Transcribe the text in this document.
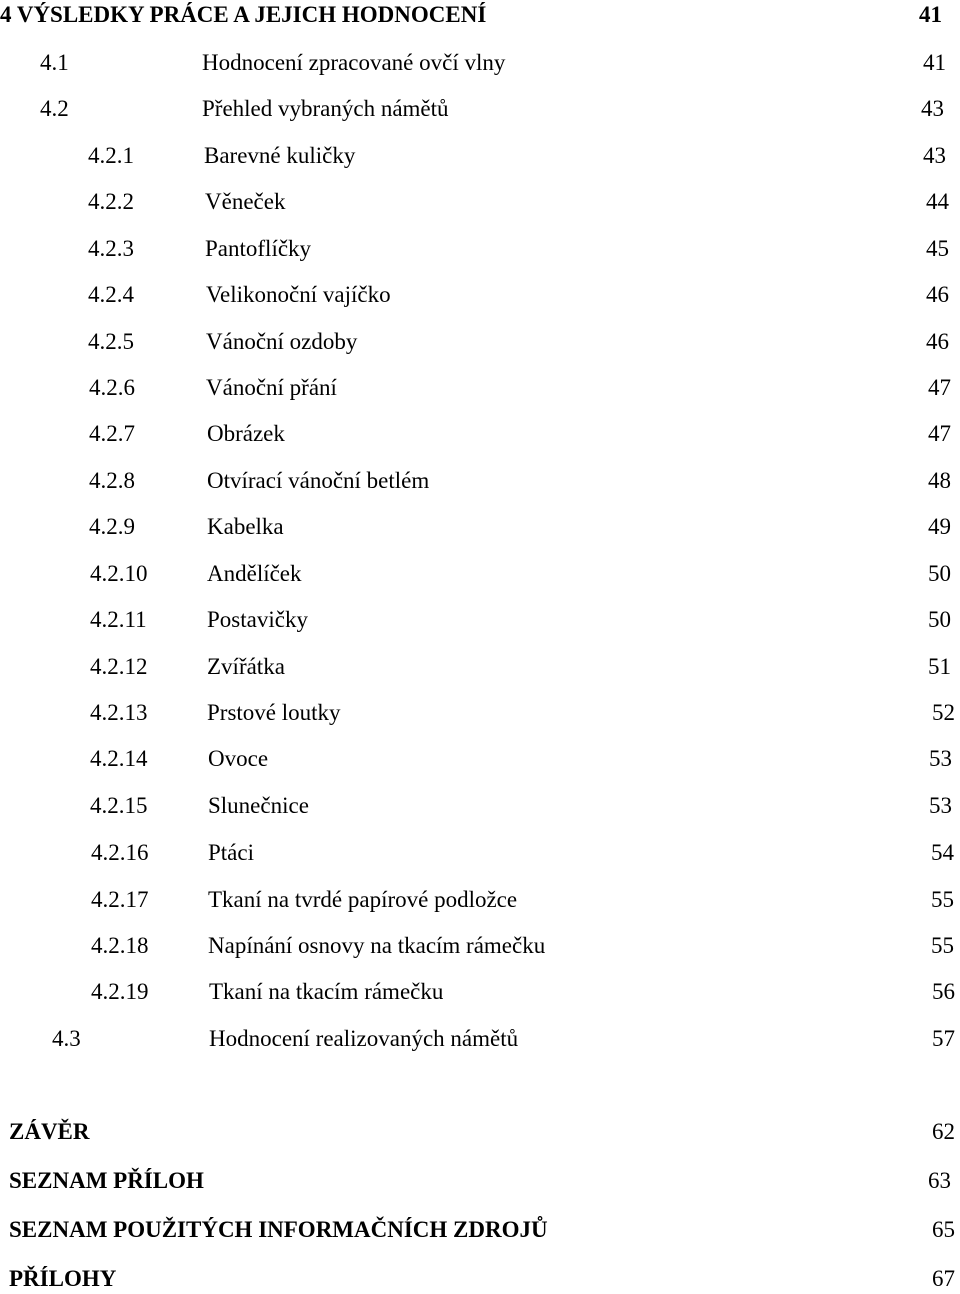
4 VÝSLEDKY PRÁCE A JEJICH HODNOCENÍ	41
4.1	Hodnocení zpracované ovčí vlny	41
4.2	Přehled vybraných námětů	43
4.2.1	Barevné kuličky	43
4.2.2	Věneček	44
4.2.3	Pantoflíčky	45
4.2.4	Velikonoční vajíčko	46
4.2.5	Vánoční ozdoby	46
4.2.6	Vánoční přání	47
4.2.7	Obrázek	47
4.2.8	Otvírací vánoční betlém	48
4.2.9	Kabelka	49
4.2.10	Andělíček	50
4.2.11	Postavičky	50
4.2.12	Zvířátka	51
4.2.13	Prstové loutky	52
4.2.14	Ovoce	53
4.2.15	Slunečnice	53
4.2.16	Ptáci	54
4.2.17	Tkaní na tvrdé papírové podložce	55
4.2.18	Napínání osnovy na tkacím rámečku	55
4.2.19	Tkaní na tkacím rámečku	56
4.3	Hodnocení realizovaných námětů	57
ZÁVĚR	62
SEZNAM PŘÍLOH	63
SEZNAM POUŽITÝCH INFORMAČNÍCH ZDROJŮ	65
PŘÍLOHY	67
